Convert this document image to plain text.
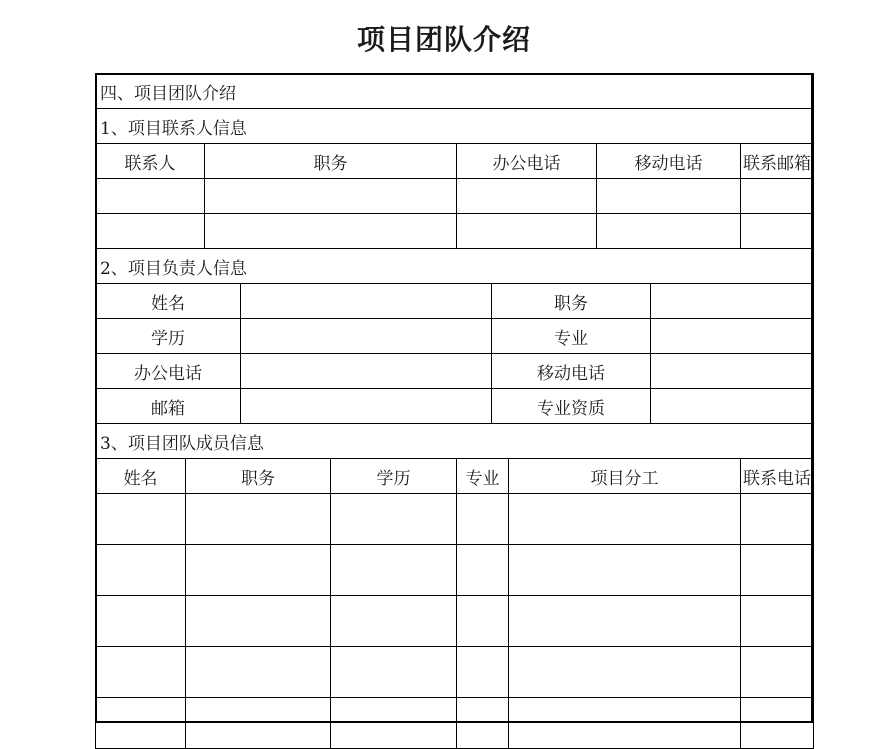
项目团队介绍
四、项目团队介绍										
1、项目联系人信息										
联系人		职务			办公电话			移动电话		联系邮箱

2、项目负责人信息										
姓名						职务				
学历						专业				
办公电话						移动电话				
邮箱						专业资质				
3、项目团队成员信息										
姓名	职务			学历	专业		项目分工			联系电话
